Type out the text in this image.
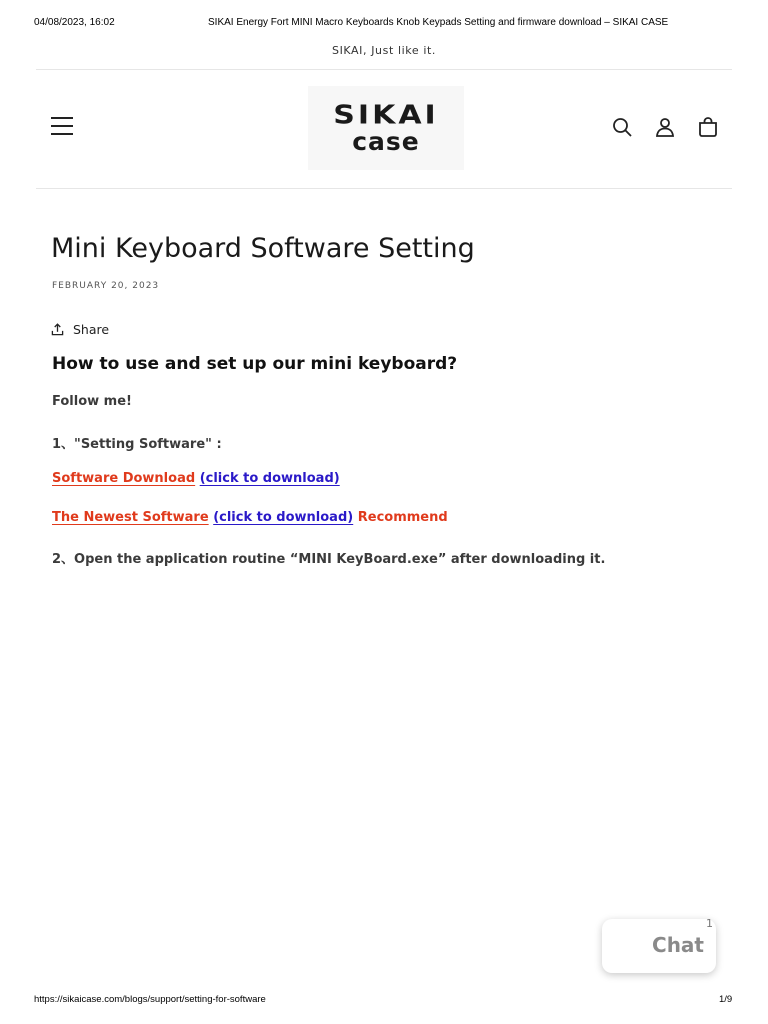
04/08/2023, 16:02	SIKAI Energy Fort MINI Macro Keyboards Knob Keypads Setting and firmware download – SIKAI CASE
SIKAI, Just like it.
SIKAI
case
Mini Keyboard Software Setting
FEBRUARY 20, 2023
Share
How to use and set up our mini keyboard?
Follow me!
1、"Setting Software" :
Software Download (click to download)
The Newest Software (click to download) Recommend
2、Open the application routine “MINI KeyBoard.exe” after downloading it.
Chat
1
https://sikaicase.com/blogs/support/setting-for-software	1/9
